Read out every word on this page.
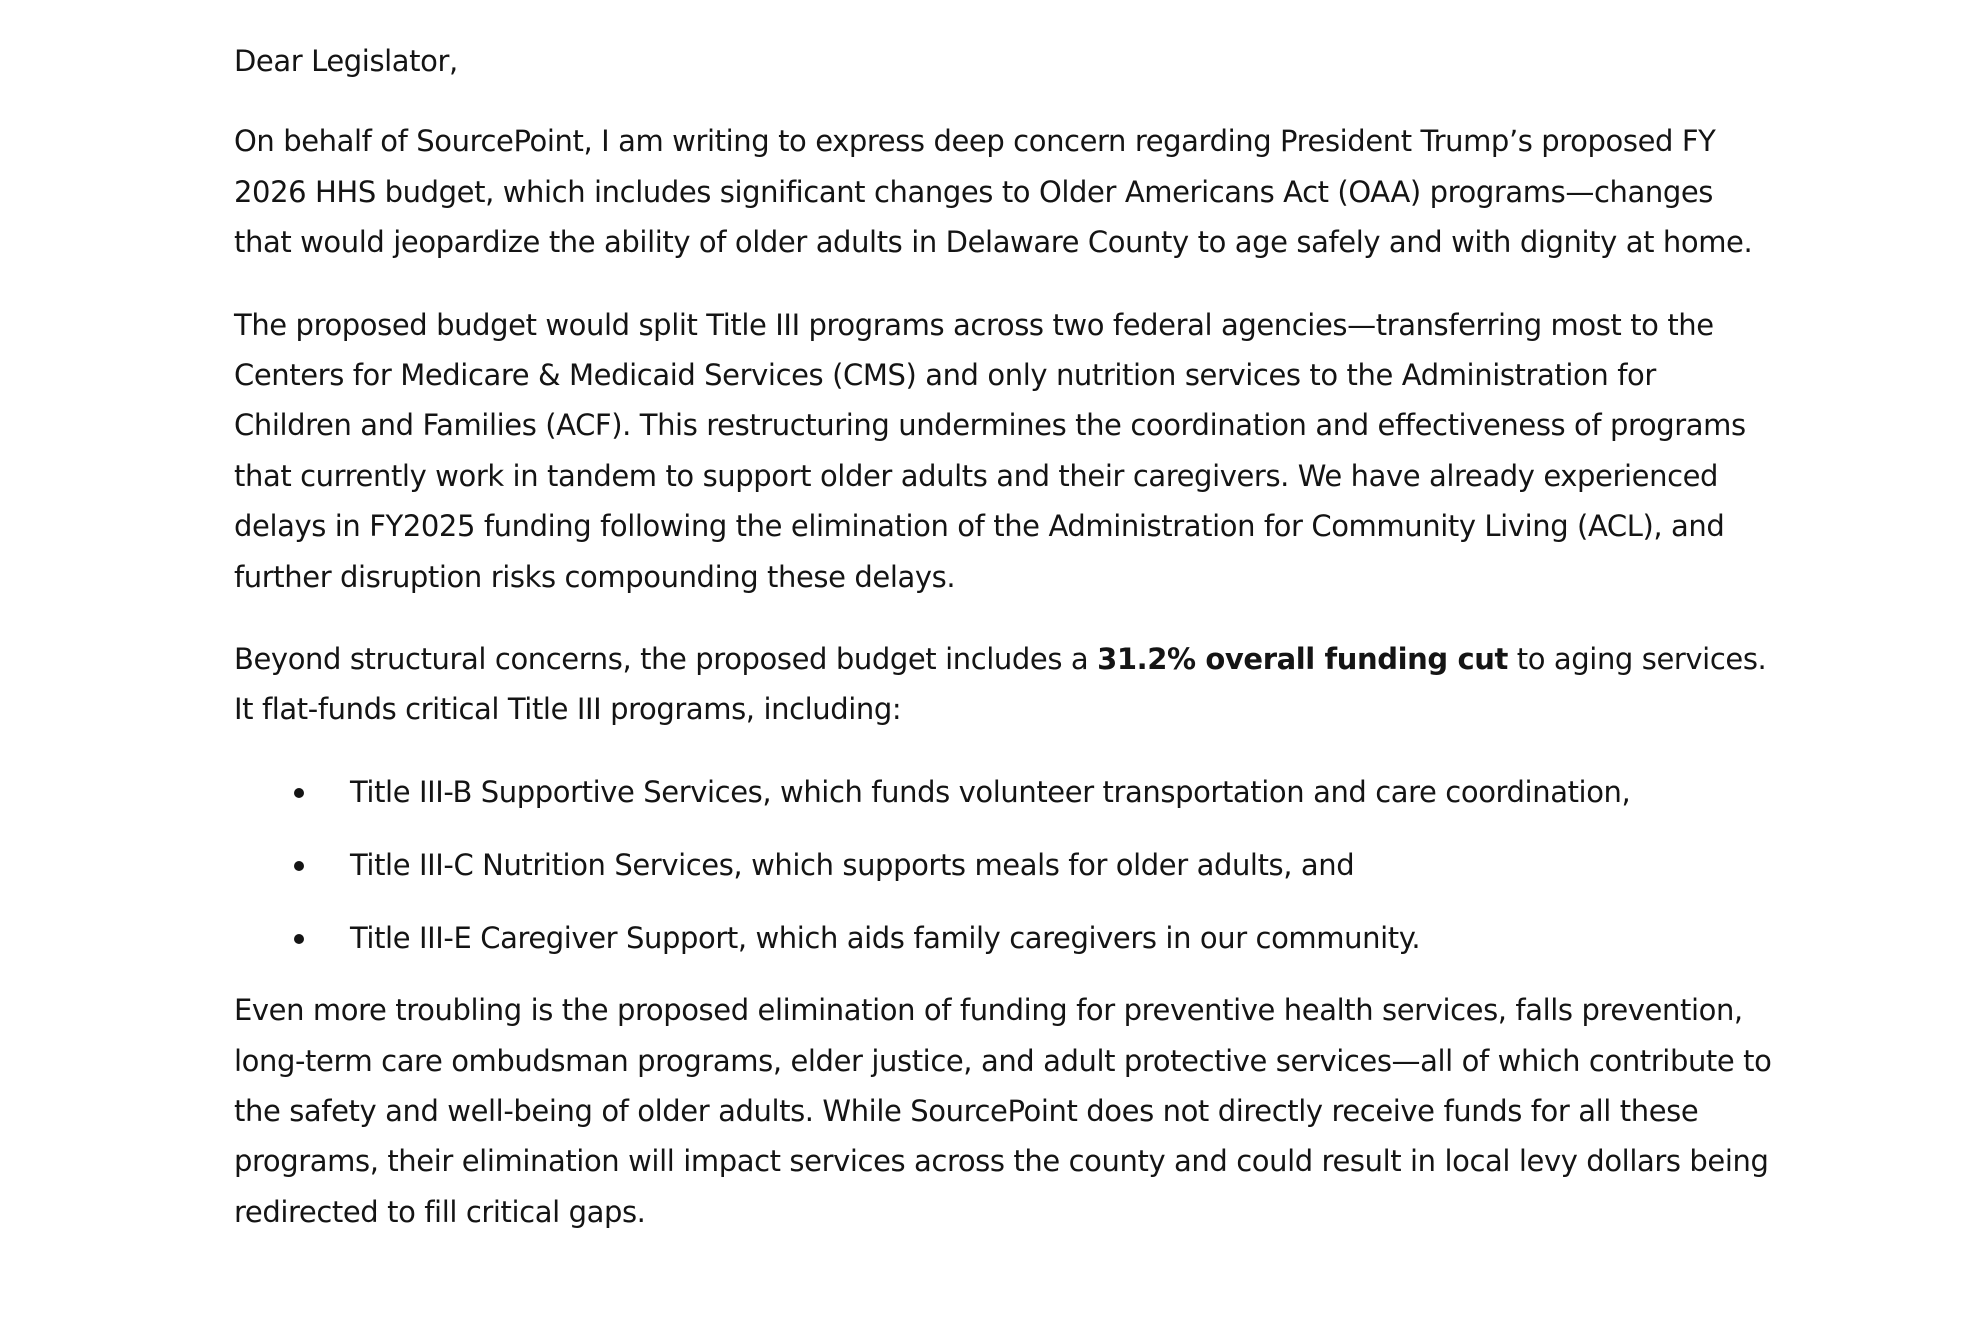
Dear Legislator,

On behalf of SourcePoint, I am writing to express deep concern regarding President Trump’s proposed FY 2026 HHS budget, which includes significant changes to Older Americans Act (OAA) programs—changes that would jeopardize the ability of older adults in Delaware County to age safely and with dignity at home.

The proposed budget would split Title III programs across two federal agencies—transferring most to the Centers for Medicare & Medicaid Services (CMS) and only nutrition services to the Administration for Children and Families (ACF). This restructuring undermines the coordination and effectiveness of programs that currently work in tandem to support older adults and their caregivers. We have already experienced delays in FY2025 funding following the elimination of the Administration for Community Living (ACL), and further disruption risks compounding these delays.

Beyond structural concerns, the proposed budget includes a 31.2% overall funding cut to aging services. It flat-funds critical Title III programs, including:

Title III-B Supportive Services, which funds volunteer transportation and care coordination,
Title III-C Nutrition Services, which supports meals for older adults, and
Title III-E Caregiver Support, which aids family caregivers in our community.

Even more troubling is the proposed elimination of funding for preventive health services, falls prevention, long-term care ombudsman programs, elder justice, and adult protective services—all of which contribute to the safety and well-being of older adults. While SourcePoint does not directly receive funds for all these programs, their elimination will impact services across the county and could result in local levy dollars being redirected to fill critical gaps.
